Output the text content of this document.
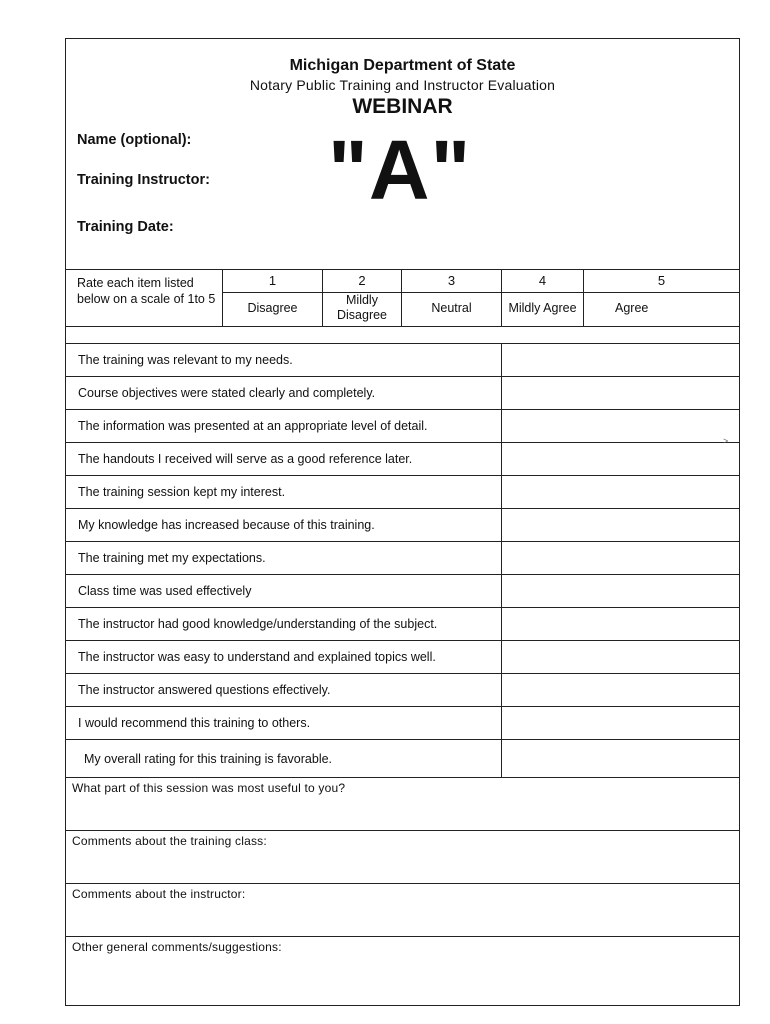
Michigan Department of State
Notary Public Training and Instructor Evaluation
WEBINAR
"A"
Name (optional):
Training Instructor:
Training Date:
Rate each item listed below on a scale of 1to 5
1
Disagree
2
Mildly Disagree
3
Neutral
4
Mildly Agree
5
Agree
The training was relevant to my needs.
Course objectives were stated clearly and completely.
The information was presented at an appropriate level of detail.
The handouts I received will serve as a good reference later.
The training session kept my interest.
My knowledge has increased because of this training.
The training met my expectations.
Class time was used effectively
The instructor had good knowledge/understanding of the subject.
The instructor was easy to understand and explained topics well.
The instructor answered questions effectively.
I would recommend this training to others.
My overall rating for this training is favorable.
What part of this session was most useful to you?
Comments about the training class:
Comments about the instructor:
Other general comments/suggestions:
>
